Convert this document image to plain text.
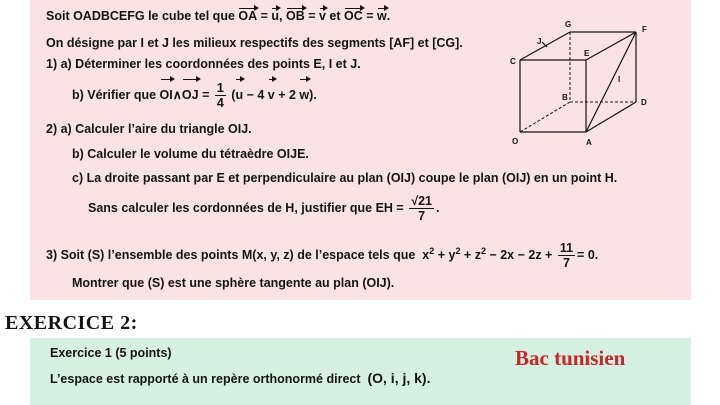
Soit OADBCEFG le cube tel que OA = u, OB = v et OC = w.
On désigne par I et J les milieux respectifs des segments [AF] et [CG].
1) a) Déterminer les coordonnées des points E, I et J.
b) Vérifier que OI∧OJ = $\frac{1}{4} (u - 4$ v + 2 w).
2) a) Calculer l’aire du triangle OIJ.
b) Calculer le volume du tétraèdre OIJE.
c) La droite passant par E et perpendiculaire au plan (OIJ) coupe le plan (OIJ) en un point H.
Sans calculer les cordonnées de H, justifier que EH = $\frac{√21}{7}$ .
3) Soit (S) l’ensemble des points M(x, y, z) de l’espace tels que $x^2 + y^2 + z^2 - 2x - 2z + \frac{11}{7} = 0$.
Montrer que (S) est une sphère tangente au plan (OIJ).
G
F
J
C
E
I
B
D
O	A
EXERCICE 2:
Exercice 1 (5 points)	Bac tunisien
L’espace est rapporté à un repère orthonormé direct (O, i, j, k).
